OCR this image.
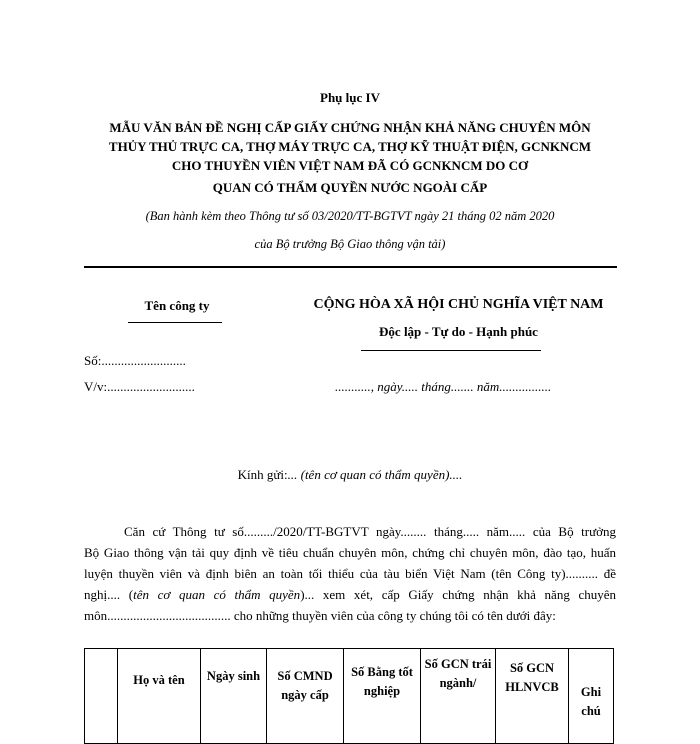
Phụ lục IV
MẪU VĂN BẢN ĐỀ NGHỊ CẤP GIẤY CHỨNG NHẬN KHẢ NĂNG CHUYÊN MÔN
THỦY THỦ TRỰC CA, THỢ MÁY TRỰC CA, THỢ KỸ THUẬT ĐIỆN, GCNKNCM
CHO THUYỀN VIÊN VIỆT NAM ĐÃ CÓ GCNKNCM DO CƠ
QUAN CÓ THẨM QUYỀN NƯỚC NGOÀI CẤP
(Ban hành kèm theo Thông tư số 03/2020/TT-BGTVT ngày 21 tháng 02 năm 2020
của Bộ trưởng Bộ Giao thông vận tải)
Tên công ty	CỘNG HÒA XÃ HỘI CHỦ NGHĨA VIỆT NAM
Độc lập - Tự do - Hạnh phúc
Số:..........................
V/v:...........................	..........., ngày..... tháng....... năm................
Kính gửi:... (tên cơ quan có thẩm quyền)....
Căn cứ Thông tư số........./2020/TT-BGTVT ngày........ tháng..... năm..... của Bộ trưởng
Bộ Giao thông vận tải quy định về tiêu chuẩn chuyên môn, chứng chỉ chuyên môn, đào tạo, huấn
luyện thuyền viên và định biên an toàn tối thiểu của tàu biển Việt Nam (tên Công ty).......... đề
nghị.... (tên cơ quan có thẩm quyền)... xem xét, cấp Giấy chứng nhận khả năng chuyên
môn...................................... cho những thuyền viên của công ty chúng tôi có tên dưới đây:
	Họ và tên	Ngày sinh	Số CMND ngày cấp	Số Bằng tốt nghiệp	Số GCN trái ngành/	Số GCN HLNVCB	Ghi chú
